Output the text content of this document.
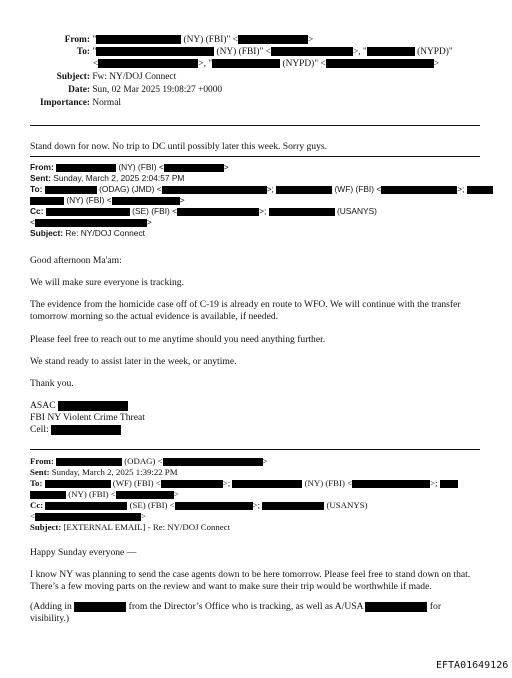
From: "	(NY) (FBI)" <	>
To: "	(NY) (FBI)" <	>, "	(NYPD)"
<	>, "	(NYPD)" <	>
Subject: Fw: NY/DOJ Connect
Date: Sun, 02 Mar 2025 19:08:27 +0000
Importance: Normal
Stand down for now. No trip to DC until possibly later this week. Sorry guys.
From:	(NY) (FBI) <	>
Sent: Sunday, March 2, 2025 2:04:57 PM
To:	(ODAG) (JMD) <	>;	(WF) (FBI) <	>;
(NY) (FBI) <	>
Cc:	(SE) (FBI) <	>;	(USANYS)
<	>
Subject: Re: NY/DOJ Connect
Good afternoon Ma'am:
We will make sure everyone is tracking.
The evidence from the homicide case off of C-19 is already en route to WFO. We will continue with the transfer tomorrow morning so the actual evidence is available, if needed.
Please feel free to reach out to me anytime should you need anything further.
We stand ready to assist later in the week, or anytime.
Thank you.
ASAC
FBI NY Violent Crime Threat
Cell:
From:	(ODAG) <	>
Sent: Sunday, March 2, 2025 1:39:22 PM
To:	(WF) (FBI) <	>;	(NY) (FBI) <	>;
(NY) (FBI) <	>
Cc:	(SE) (FBI) <	>;	(USANYS)
<	>
Subject: [EXTERNAL EMAIL] - Re: NY/DOJ Connect
Happy Sunday everyone —
I know NY was planning to send the case agents down to be here tomorrow. Please feel free to stand down on that. There’s a few moving parts on the review and want to make sure their trip would be worthwhile if made.
(Adding in	from the Director’s Office who is tracking, as well as A/USA	for
visibility.)
EFTA01649126
